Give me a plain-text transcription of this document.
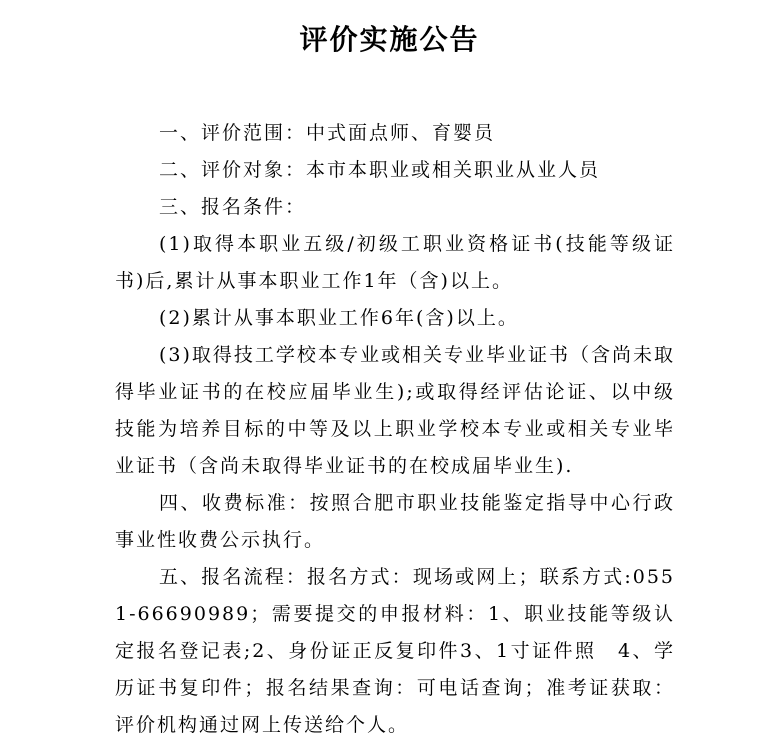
评价实施公告

一、评价范围：中式面点师、育婴员

二、评价对象：本市本职业或相关职业从业人员

三、报名条件：

(1)取得本职业五级/初级工职业资格证书(技能等级证书)后,累计从事本职业工作1年（含)以上。

(2)累计从事本职业工作6年(含)以上。

(3)取得技工学校本专业或相关专业毕业证书（含尚未取得毕业证书的在校应届毕业生);或取得经评估论证、以中级技能为培养目标的中等及以上职业学校本专业或相关专业毕业证书（含尚未取得毕业证书的在校成届毕业生).

四、收费标准：按照合肥市职业技能鉴定指导中心行政事业性收费公示执行。

五、报名流程：报名方式：现场或网上；联系方式:0551-66690989；需要提交的申报材料：1、职业技能等级认定报名登记表;2、身份证正反复印件3、1寸证件照　4、学历证书复印件；报名结果查询：可电话查询；准考证获取：评价机构通过网上传送给个人。
